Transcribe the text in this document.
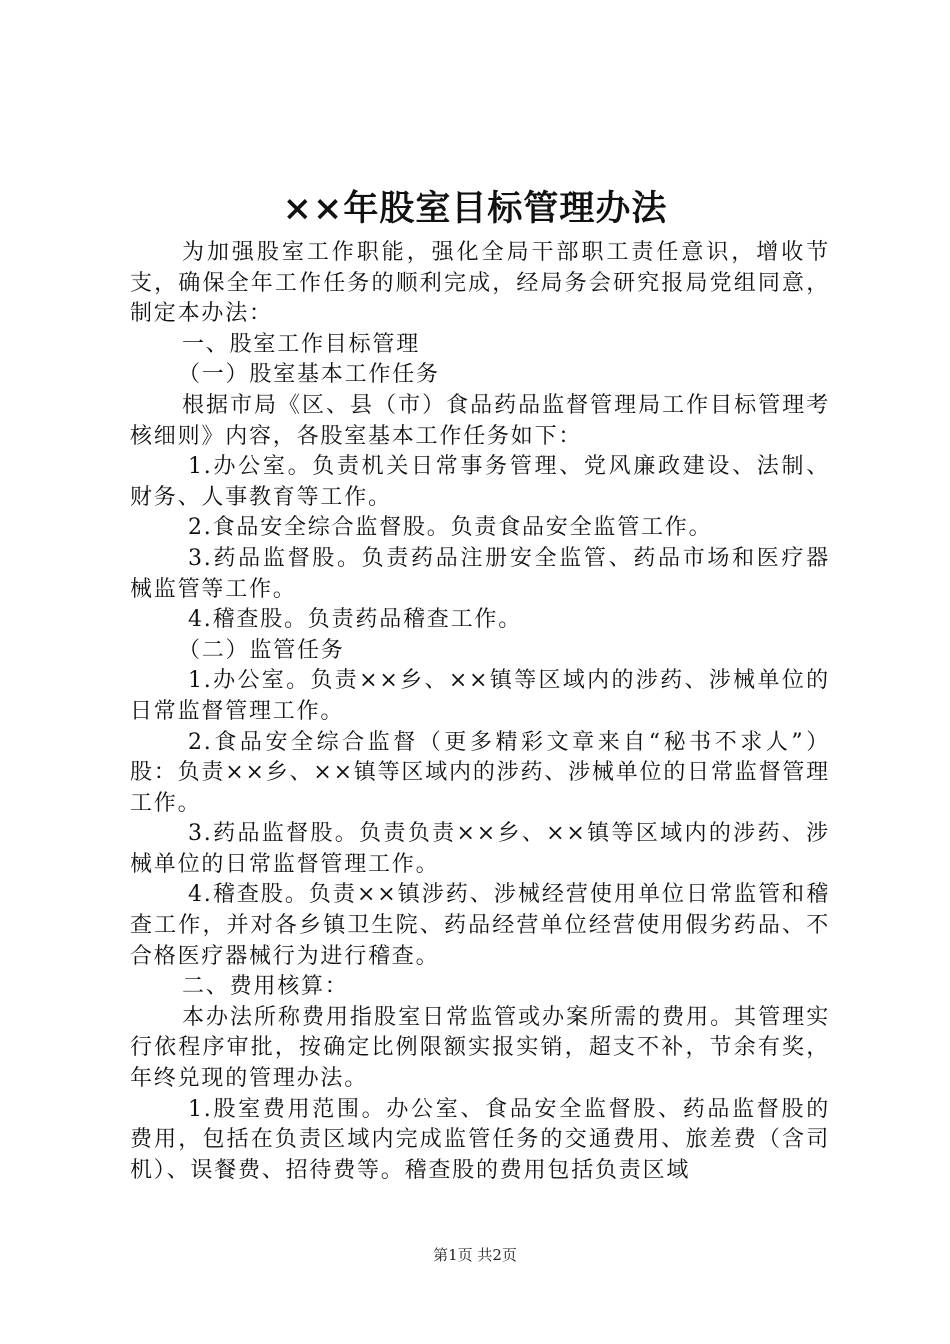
××年股室目标管理办法

为加强股室工作职能，强化全局干部职工责任意识，增收节支，确保全年工作任务的顺利完成，经局务会研究报局党组同意，制定本办法：

一、股室工作目标管理

（一）股室基本工作任务

根据市局《区、县（市）食品药品监督管理局工作目标管理考核细则》内容，各股室基本工作任务如下：

1.办公室。负责机关日常事务管理、党风廉政建设、法制、财务、人事教育等工作。

2.食品安全综合监督股。负责食品安全监管工作。

3.药品监督股。负责药品注册安全监管、药品市场和医疗器械监管等工作。

4.稽查股。负责药品稽查工作。

（二）监管任务

1.办公室。负责××乡、××镇等区域内的涉药、涉械单位的日常监督管理工作。

2.食品安全综合监督（更多精彩文章来自“秘书不求人”）股：负责××乡、××镇等区域内的涉药、涉械单位的日常监督管理工作。

3.药品监督股。负责负责××乡、××镇等区域内的涉药、涉械单位的日常监督管理工作。

4.稽查股。负责××镇涉药、涉械经营使用单位日常监管和稽查工作，并对各乡镇卫生院、药品经营单位经营使用假劣药品、不合格医疗器械行为进行稽查。

二、费用核算：

本办法所称费用指股室日常监管或办案所需的费用。其管理实行依程序审批，按确定比例限额实报实销，超支不补，节余有奖，年终兑现的管理办法。

1.股室费用范围。办公室、食品安全监督股、药品监督股的费用，包括在负责区域内完成监管任务的交通费用、旅差费（含司机）、误餐费、招待费等。稽查股的费用包括负责区域

第1页 共2页
